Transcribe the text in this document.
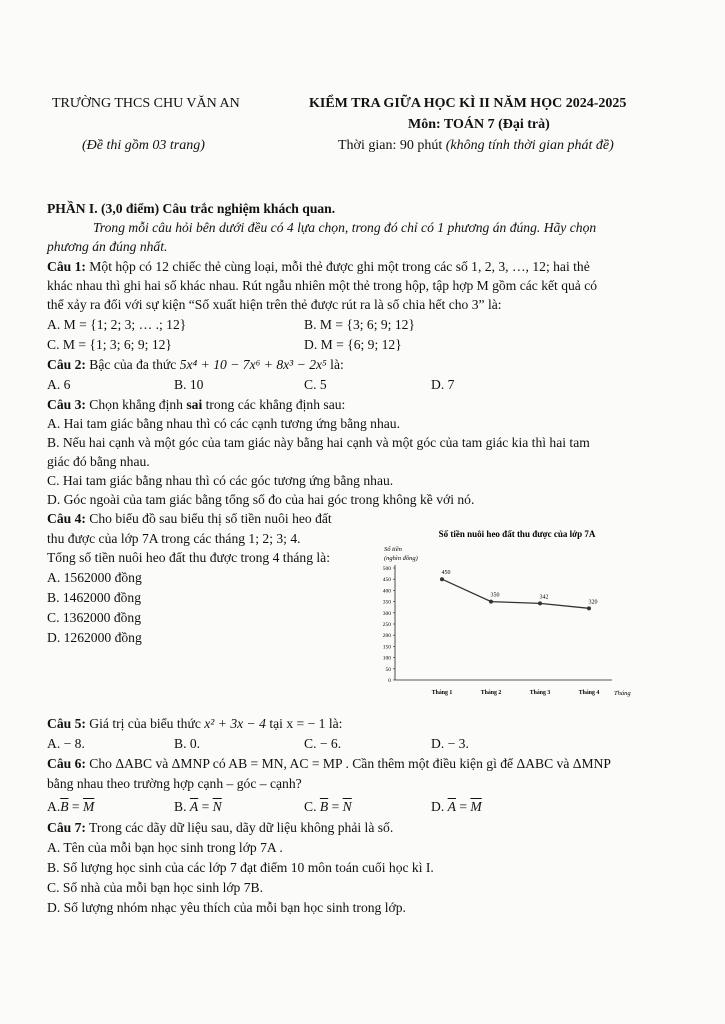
TRƯỜNG THCS CHU VĂN AN	KIỂM TRA GIỮA HỌC KÌ II NĂM HỌC 2024-2025
Môn: TOÁN 7 (Đại trà)
(Đề thi gồm 03 trang)	Thời gian: 90 phút (không tính thời gian phát đề)
PHẦN I. (3,0 điểm) Câu trắc nghiệm khách quan.
Trong mỗi câu hỏi bên dưới đều có 4 lựa chọn, trong đó chỉ có 1 phương án đúng. Hãy chọn
phương án đúng nhất.
Câu 1: Một hộp có 12 chiếc thẻ cùng loại, mỗi thẻ được ghi một trong các số 1, 2, 3, …, 12; hai thẻ
khác nhau thì ghi hai số khác nhau. Rút ngẫu nhiên một thẻ trong hộp, tập hợp M gồm các kết quả có
thể xảy ra đối với sự kiện “Số xuất hiện trên thẻ được rút ra là số chia hết cho 3” là:
A. M = {1; 2; 3; … .; 12}	B. M = {3; 6; 9; 12}
C. M = {1; 3; 6; 9; 12}	D. M = {6; 9; 12}
Câu 2: Bậc của đa thức 5x⁴ + 10 − 7x⁶ + 8x³ − 2x⁵ là:
A. 6	B. 10	C. 5	D. 7
Câu 3: Chọn khẳng định sai trong các khẳng định sau:
A. Hai tam giác bằng nhau thì có các cạnh tương ứng bằng nhau.
B. Nếu hai cạnh và một góc của tam giác này bằng hai cạnh và một góc của tam giác kia thì hai tam
giác đó bằng nhau.
C. Hai tam giác bằng nhau thì có các góc tương ứng bằng nhau.
D. Góc ngoài của tam giác bằng tổng số đo của hai góc trong không kề với nó.
Câu 4: Cho biểu đồ sau biểu thị số tiền nuôi heo đất
thu được của lớp 7A trong các tháng 1; 2; 3; 4.
Tổng số tiền nuôi heo đất thu được trong 4 tháng là:
A. 1562000 đồng
B. 1462000 đồng
C. 1362000 đồng
D. 1262000 đồng
Số tiền nuôi heo đất thu được của lớp 7A
Số tiền
(nghìn đồng)
Tháng
0
50
100
150
200
250
300
350
400
450
500
Tháng 1	Tháng 2	Tháng 3	Tháng 4
450
350	342
320
Câu 5: Giá trị của biểu thức x² + 3x − 4 tại x = − 1 là:
A. − 8.	B. 0.	C. − 6.	D. − 3.
Câu 6: Cho ΔABC và ΔMNP có AB = MN, AC = MP . Cần thêm một điều kiện gì để ΔABC và ΔMNP
bằng nhau theo trường hợp cạnh – góc – cạnh?
$A.\overline{B} = \overline{M}$	B. $\overline{A} = \overline{N}$	C. $\overline{B} = \overline{N}$	D. $\overline{A} = \overline{M}$
Câu 7: Trong các dãy dữ liệu sau, dãy dữ liệu không phải là số.
A. Tên của mỗi bạn học sinh trong lớp 7A .
B. Số lượng học sinh của các lớp 7 đạt điểm 10 môn toán cuối học kì I.
C. Số nhà của mỗi bạn học sinh lớp 7B.
D. Số lượng nhóm nhạc yêu thích của mỗi bạn học sinh trong lớp.
